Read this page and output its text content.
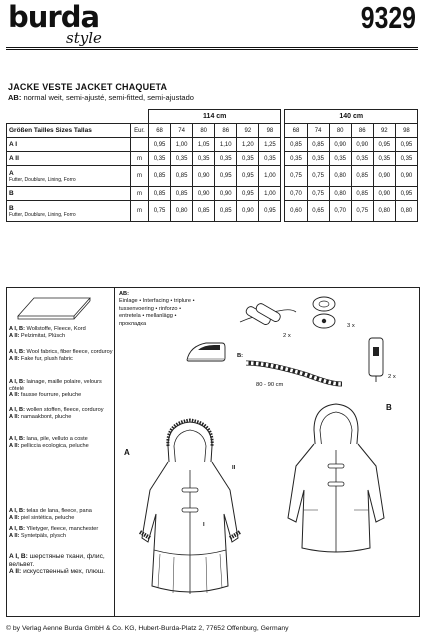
burda
style
9329
JACKE VESTE JACKET CHAQUETA
AB: normal weit, semi-ajusté, semi-fitted, semi-ajustado
			114 cm							140 cm					
Größen Tailles Sizes Tallas		Eur.	68	74	80	86	92	98		68	74	80	86	92	98
A I			0,95	1,00	1,05	1,10	1,20	1,25		0,85	0,85	0,90	0,90	0,95	0,95
A II		m	0,35	0,35	0,35	0,35	0,35	0,35		0,35	0,35	0,35	0,35	0,35	0,35
A
Futter, Doublure, Lining, Forro		m	0,85	0,85	0,90	0,95	0,95	1,00		0,75	0,75	0,80	0,85	0,90	0,90
B		m	0,85	0,85	0,90	0,90	0,95	1,00		0,70	0,75	0,80	0,85	0,90	0,95
B
Futter, Doublure, Lining, Forro		m	0,75	0,80	0,85	0,85	0,90	0,95		0,60	0,65	0,70	0,75	0,80	0,80
A I, B: Wollstoffe, Fleece, Kord
A II: Pelzimitat, Plüsch
A I, B: Wool fabrics, fiber fleece, corduroy
A II: Fake fur, plush fabric
A I, B: lainage, maille polaire, velours côtelé
A II: fausse fourrure, peluche
A I, B: wollen stoffen, fleece, corduroy
A II: namaakbont, pluche
A I, B: lana, pile, velluto a coste
A II: pelliccia ecologica, peluche
A I, B: telas de lana, fleece, pana
A II: piel sintética, peluche
A I, B: Ylletyger, fleece, manchester
A II: Syntetpäls, plysch
A I, B: шерстяные ткани, флис, вельвет.
A II: искусственный мех, плюш.
AB:
Einlage • Interfacing • triplure •
tussenvoering • rinforzo •
entretela • mellanlägg •
прокладка
2 x
3 x
B:
80 - 90 cm
2 x
A
I
II
B
© by Verlag Aenne Burda GmbH & Co. KG, Hubert-Burda-Platz 2, 77652 Offenburg, Germany
